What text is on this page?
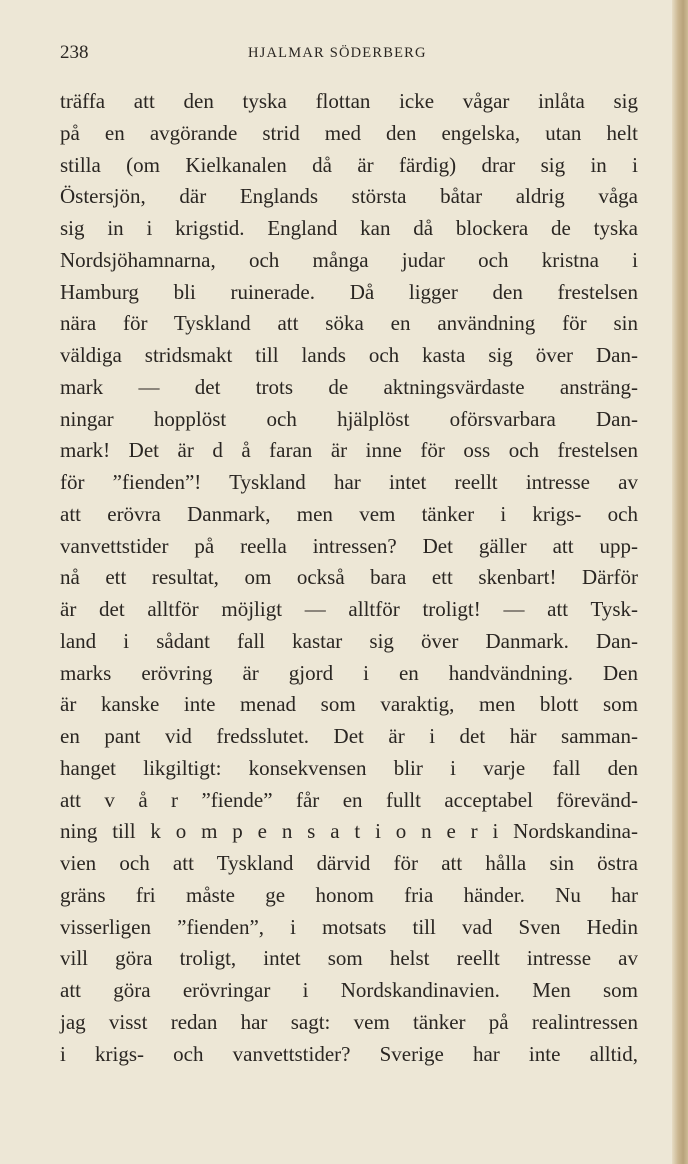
238	HJALMAR SÖDERBERG
träffa att den tyska flottan icke vågar inlåta sig
på en avgörande strid med den engelska, utan helt
stilla (om Kielkanalen då är färdig) drar sig in i
Östersjön, där Englands största båtar aldrig våga
sig in i krigstid. England kan då blockera de tyska
Nordsjöhamnarna, och många judar och kristna i
Hamburg bli ruinerade. Då ligger den frestelsen
nära för Tyskland att söka en användning för sin
väldiga stridsmakt till lands och kasta sig över Dan-
mark — det trots de aktningsvärdaste ansträng-
ningar hopplöst och hjälplöst oförsvarbara Dan-
mark! Det är d å faran är inne för oss och frestelsen
för ”fienden”! Tyskland har intet reellt intresse av
att erövra Danmark, men vem tänker i krigs- och
vanvettstider på reella intressen? Det gäller att upp-
nå ett resultat, om också bara ett skenbart! Därför
är det alltför möjligt — alltför troligt! — att Tysk-
land i sådant fall kastar sig över Danmark. Dan-
marks erövring är gjord i en handvändning. Den
är kanske inte menad som varaktig, men blott som
en pant vid fredsslutet. Det är i det här samman-
hanget likgiltigt: konsekvensen blir i varje fall den
att v å r ”fiende” får en fullt acceptabel förevänd-
ning till k o m p e n s a t i o n e r i Nordskandina-
vien och att Tyskland därvid för att hålla sin östra
gräns fri måste ge honom fria händer. Nu har
visserligen ”fienden”, i motsats till vad Sven Hedin
vill göra troligt, intet som helst reellt intresse av
att göra erövringar i Nordskandinavien. Men som
jag visst redan har sagt: vem tänker på realintressen
i krigs- och vanvettstider? Sverige har inte alltid,
